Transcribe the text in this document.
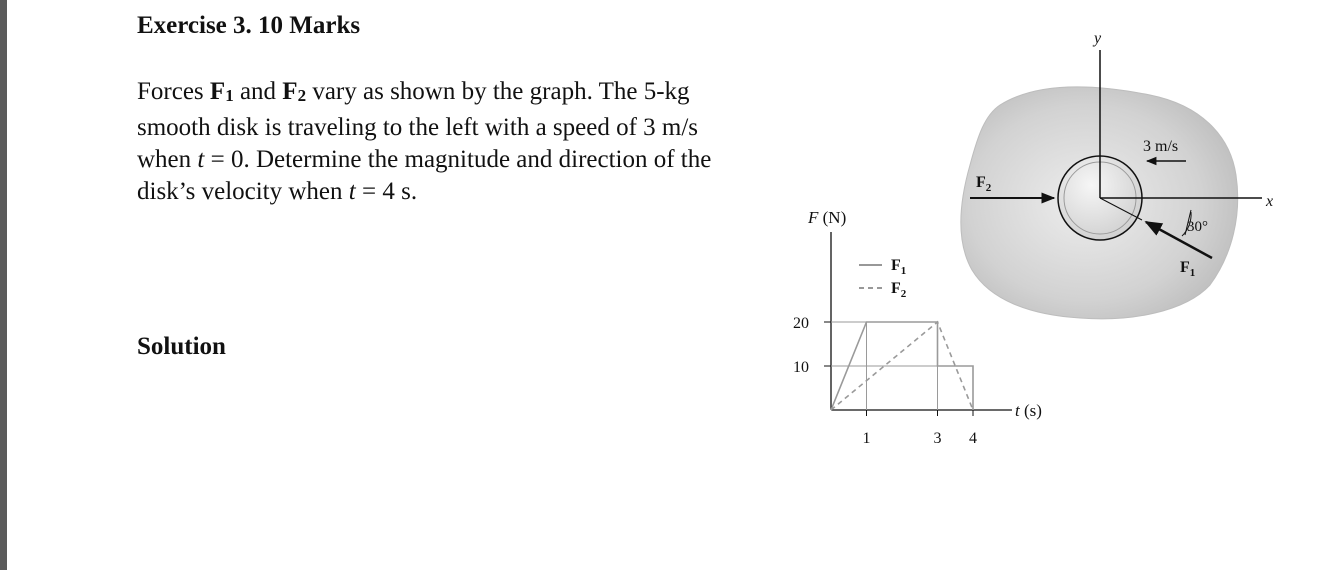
Exercise 3. 10 Marks
Forces $F_1$ and $F_2$ vary as shown by the graph. The 5-kg
smooth disk is traveling to the left with a speed of 3 m/s
when t = 0. Determine the magnitude and direction of the
disk’s velocity when t = 4 s.
Solution
y
x
3 m/s
$F_2$
$F_1$
30°
F (N)
t (s)
$F_1$
$F_2$
1	3 4
10
20
